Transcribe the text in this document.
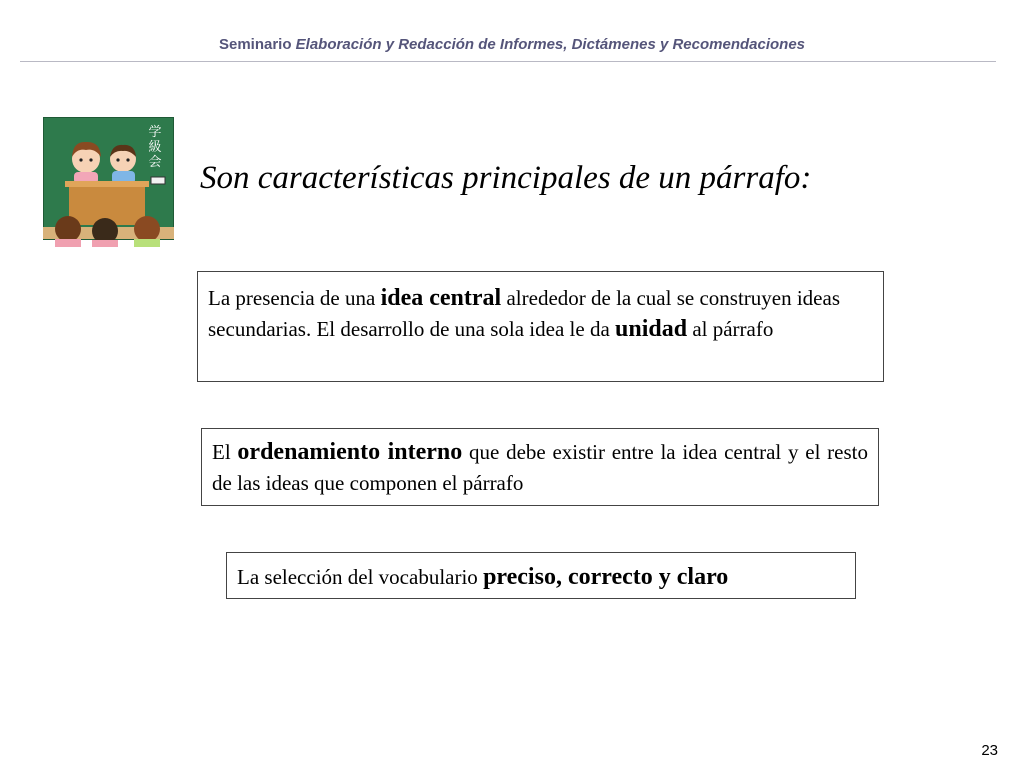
Seminario Elaboración y Redacción de Informes, Dictámenes y Recomendaciones
学
級
会 Son características principales de un párrafo:
La presencia de una idea central alrededor de la cual se construyen ideas secundarias. El desarrollo de una sola idea le da unidad al párrafo
El ordenamiento interno que debe existir entre la idea central y el resto de las ideas que componen el párrafo
La selección del vocabulario preciso, correcto y claro
23
